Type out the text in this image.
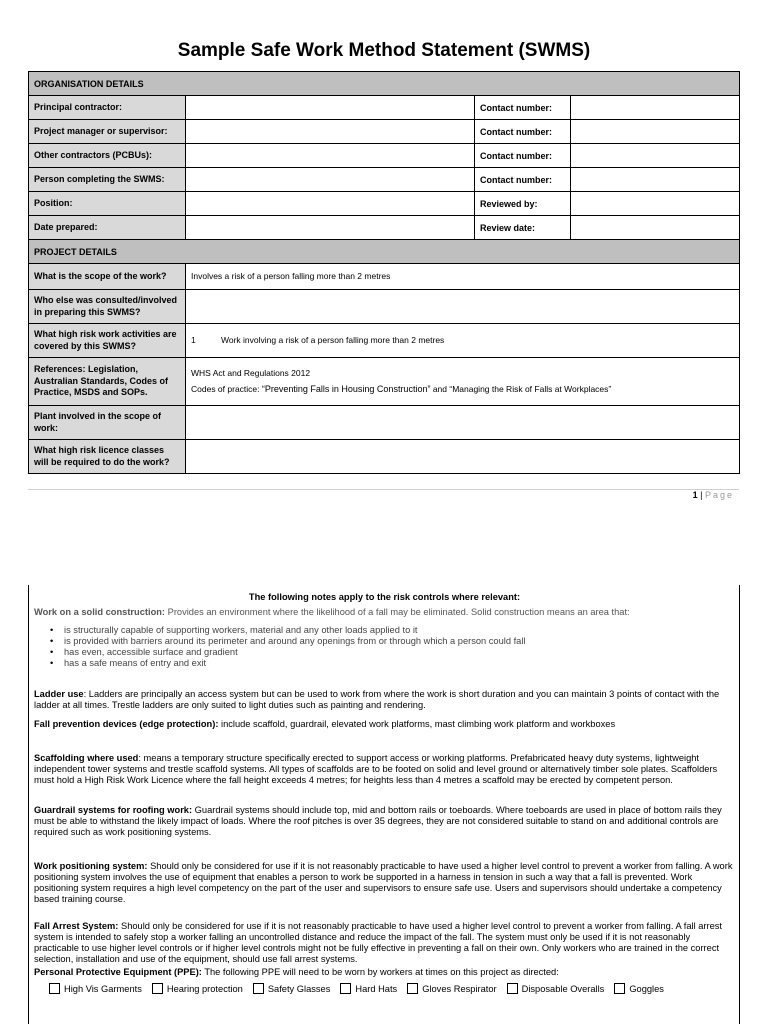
Sample Safe Work Method Statement (SWMS)
ORGANISATION DETAILS			
Principal contractor:		Contact number:	
Project manager or supervisor:		Contact number:	
Other contractors (PCBUs):		Contact number:	
Person completing the SWMS:		Contact number:	
Position:		Reviewed by:	
Date prepared:		Review date:	
PROJECT DETAILS			
What is the scope of the work?	Involves a risk of a person falling more than 2 metres		
Who else was consulted/involved in preparing this SWMS?			
What high risk work activities are covered by this SWMS?	1 Work involving a risk of a person falling more than 2 metres		
References: Legislation, Australian Standards, Codes of Practice, MSDS and SOPs.	WHS Act and Regulations 2012
Codes of practice: “Preventing Falls in Housing Construction” and “Managing the Risk of Falls at Workplaces”		

Plant involved in the scope of work:			
What high risk licence classes will be required to do the work?			
1 | Page
The following notes apply to the risk controls where relevant:
Work on a solid construction: Provides an environment where the likelihood of a fall may be eliminated. Solid construction means an area that:
• is structurally capable of supporting workers, material and any other loads applied to it
• is provided with barriers around its perimeter and around any openings from or through which a person could fall
• has even, accessible surface and gradient
• has a safe means of entry and exit
Ladder use: Ladders are principally an access system but can be used to work from where the work is short duration and you can maintain 3 points of contact with the ladder at all times. Trestle ladders are only suited to light duties such as painting and rendering.
Fall prevention devices (edge protection): include scaffold, guardrail, elevated work platforms, mast climbing work platform and workboxes
Scaffolding where used: means a temporary structure specifically erected to support access or working platforms. Prefabricated heavy duty systems, lightweight independent tower systems and trestle scaffold systems. All types of scaffolds are to be footed on solid and level ground or alternatively timber sole plates. Scaffolders must hold a High Risk Work Licence where the fall height exceeds 4 metres; for heights less than 4 metres a scaffold may be erected by competent person.
Guardrail systems for roofing work: Guardrail systems should include top, mid and bottom rails or toeboards. Where toeboards are used in place of bottom rails they must be able to withstand the likely impact of loads. Where the roof pitches is over 35 degrees, they are not considered suitable to stand on and additional controls are required such as work positioning systems.
Work positioning system: Should only be considered for use if it is not reasonably practicable to have used a higher level control to prevent a worker from falling. A work positioning system involves the use of equipment that enables a person to work be supported in a harness in tension in such a way that a fall is prevented. Work positioning system requires a high level competency on the part of the user and supervisors to ensure safe use. Users and supervisors should undertake a competency based training course.
Fall Arrest System: Should only be considered for use if it is not reasonably practicable to have used a higher level control to prevent a worker from falling. A fall arrest system is intended to safely stop a worker falling an uncontrolled distance and reduce the impact of the fall. The system must only be used if it is not reasonably practicable to use higher level controls or if higher level controls might not be fully effective in preventing a fall on their own. Only workers who are trained in the correct selection, installation and use of the equipment, should use fall arrest systems.
Personal Protective Equipment (PPE): The following PPE will need to be worn by workers at times on this project as directed:
High Vis Garments	Hearing protection	Safety Glasses	Hard Hats	Gloves Respirator	Disposable Overalls	Goggles
